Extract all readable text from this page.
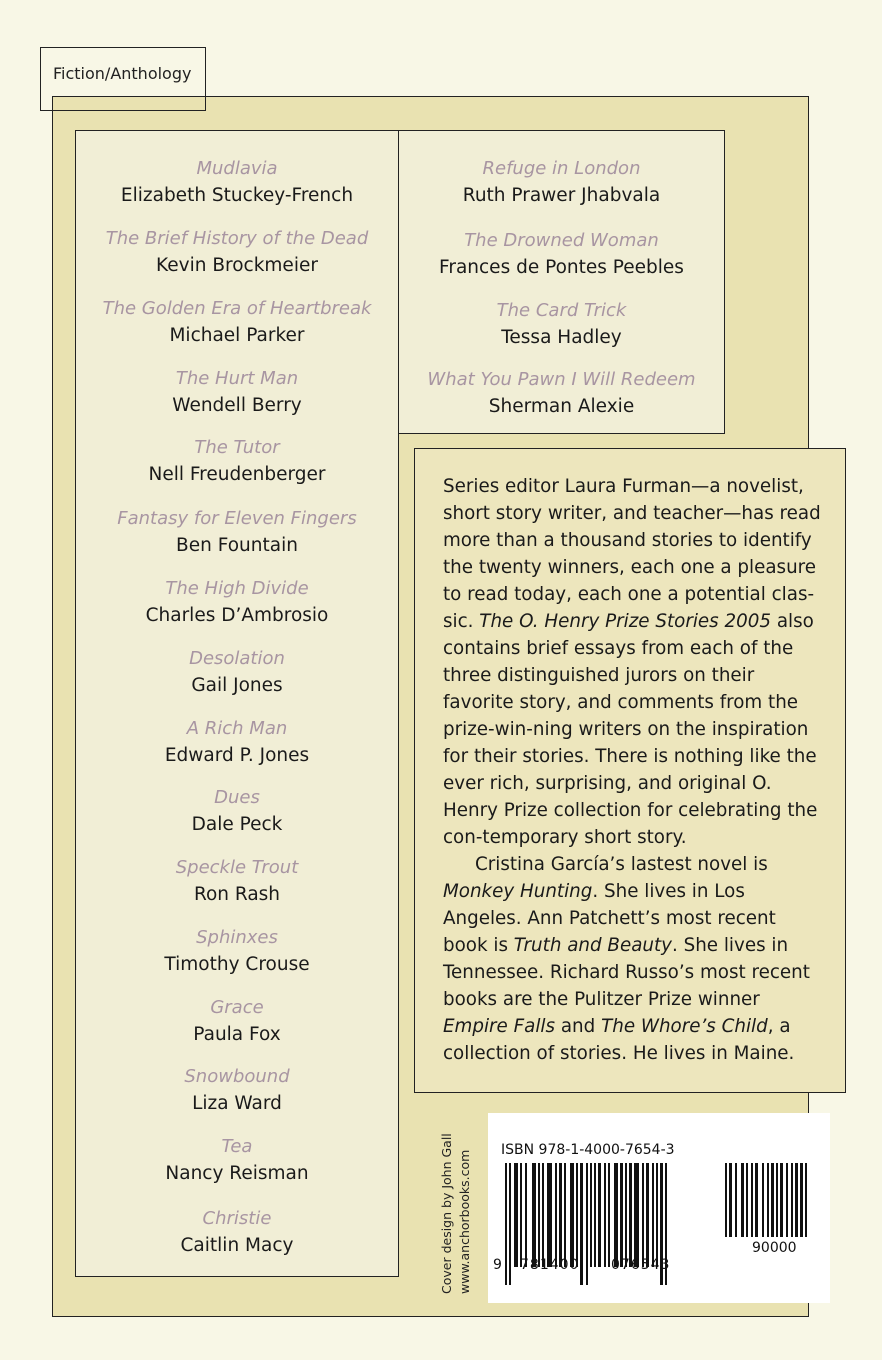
Fiction/Anthology
Mudlavia
Elizabeth Stuckey-French
The Brief History of the Dead
Kevin Brockmeier
The Golden Era of Heartbreak
Michael Parker
The Hurt Man
Wendell Berry
The Tutor
Nell Freudenberger
Fantasy for Eleven Fingers
Ben Fountain
The High Divide
Charles D’Ambrosio
Desolation
Gail Jones
A Rich Man
Edward P. Jones
Dues
Dale Peck
Speckle Trout
Ron Rash
Sphinxes
Timothy Crouse
Grace
Paula Fox
Snowbound
Liza Ward
Tea
Nancy Reisman
Christie
Caitlin Macy
Refuge in London
Ruth Prawer Jhabvala
The Drowned Woman
Frances de Pontes Peebles
The Card Trick
Tessa Hadley
What You Pawn I Will Redeem
Sherman Alexie

Series editor Laura Furman—a novelist, short story writer, and teacher—has read more than a thousand stories to identify the twenty winners, each one a pleasure to read today, each one a potential clas-sic. The O. Henry Prize Stories 2005 also contains brief essays from each of the three distinguished jurors on their favorite story, and comments from the prize-win-ning writers on the inspiration for their stories. There is nothing like the ever rich, surprising, and original O. Henry Prize collection for celebrating the con-temporary short story.

Cristina García’s lastest novel is Monkey Hunting. She lives in Los Angeles. Ann Patchett’s most recent book is Truth and Beauty. She lives in Tennessee. Richard Russo’s most recent books are the Pulitzer Prize winner Empire Falls and The Whore’s Child, a collection of stories. He lives in Maine.

Cover design by John Gall www.anchorbooks.com ISBN 978-1-4000-7654-3
9 781400 076543
90000
